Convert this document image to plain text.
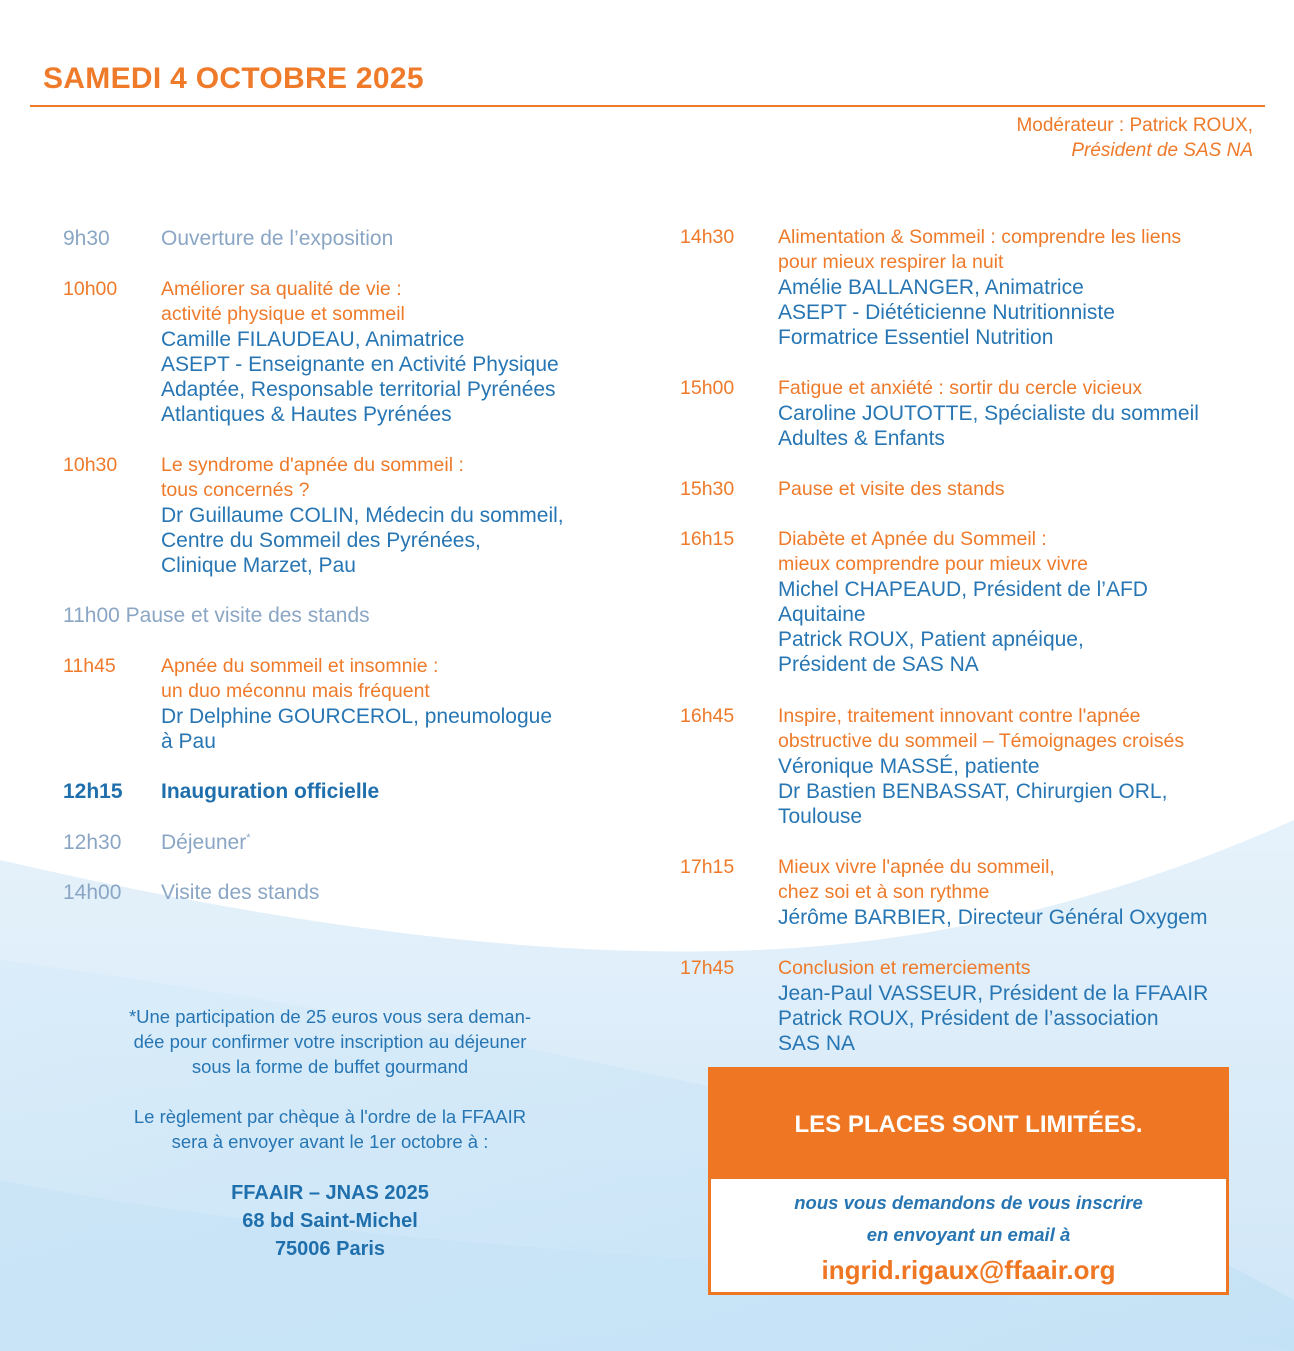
SAMEDI 4 OCTOBRE 2025
Modérateur : Patrick ROUX,
Président de SAS NA
9h30	Ouverture de l’exposition
10h00	Améliorer sa qualité de vie :
activité physique et sommeil
Camille FILAUDEAU, Animatrice
ASEPT - Enseignante en Activité Physique
Adaptée, Responsable territorial Pyrénées
Atlantiques & Hautes Pyrénées
10h30	Le syndrome d'apnée du sommeil :
tous concernés ?
Dr Guillaume COLIN, Médecin du sommeil,
Centre du Sommeil des Pyrénées,
Clinique Marzet, Pau
11h00 Pause et visite des stands
11h45	Apnée du sommeil et insomnie :
un duo méconnu mais fréquent
Dr Delphine GOURCEROL, pneumologue
à Pau
12h15	Inauguration officielle
12h30	Déjeuner*
14h00	Visite des stands
14h30	Alimentation & Sommeil : comprendre les liens
pour mieux respirer la nuit
Amélie BALLANGER, Animatrice
ASEPT - Diététicienne Nutritionniste
Formatrice Essentiel Nutrition
15h00	Fatigue et anxiété : sortir du cercle vicieux
Caroline JOUTOTTE, Spécialiste du sommeil
Adultes & Enfants
15h30	Pause et visite des stands
16h15	Diabète et Apnée du Sommeil :
mieux comprendre pour mieux vivre
Michel CHAPEAUD, Président de l’AFD
Aquitaine
Patrick ROUX, Patient apnéique,
Président de SAS NA
16h45	Inspire, traitement innovant contre l'apnée
obstructive du sommeil – Témoignages croisés
Véronique MASSÉ, patiente
Dr Bastien BENBASSAT, Chirurgien ORL,
Toulouse
17h15	Mieux vivre l'apnée du sommeil,
chez soi et à son rythme
Jérôme BARBIER, Directeur Général Oxygem
17h45	Conclusion et remerciements
Jean-Paul VASSEUR, Président de la FFAAIR
Patrick ROUX, Président de l’association
SAS NA
*Une participation de 25 euros vous sera deman-
dée pour confirmer votre inscription au déjeuner
sous la forme de buffet gourmand
Le règlement par chèque à l'ordre de la FFAAIR
sera à envoyer avant le 1er octobre à :
FFAAIR – JNAS 2025
68 bd Saint-Michel
75006 Paris
LES PLACES SONT LIMITÉES.
nous vous demandons de vous inscrire
en envoyant un email à
ingrid.rigaux@ffaair.org
